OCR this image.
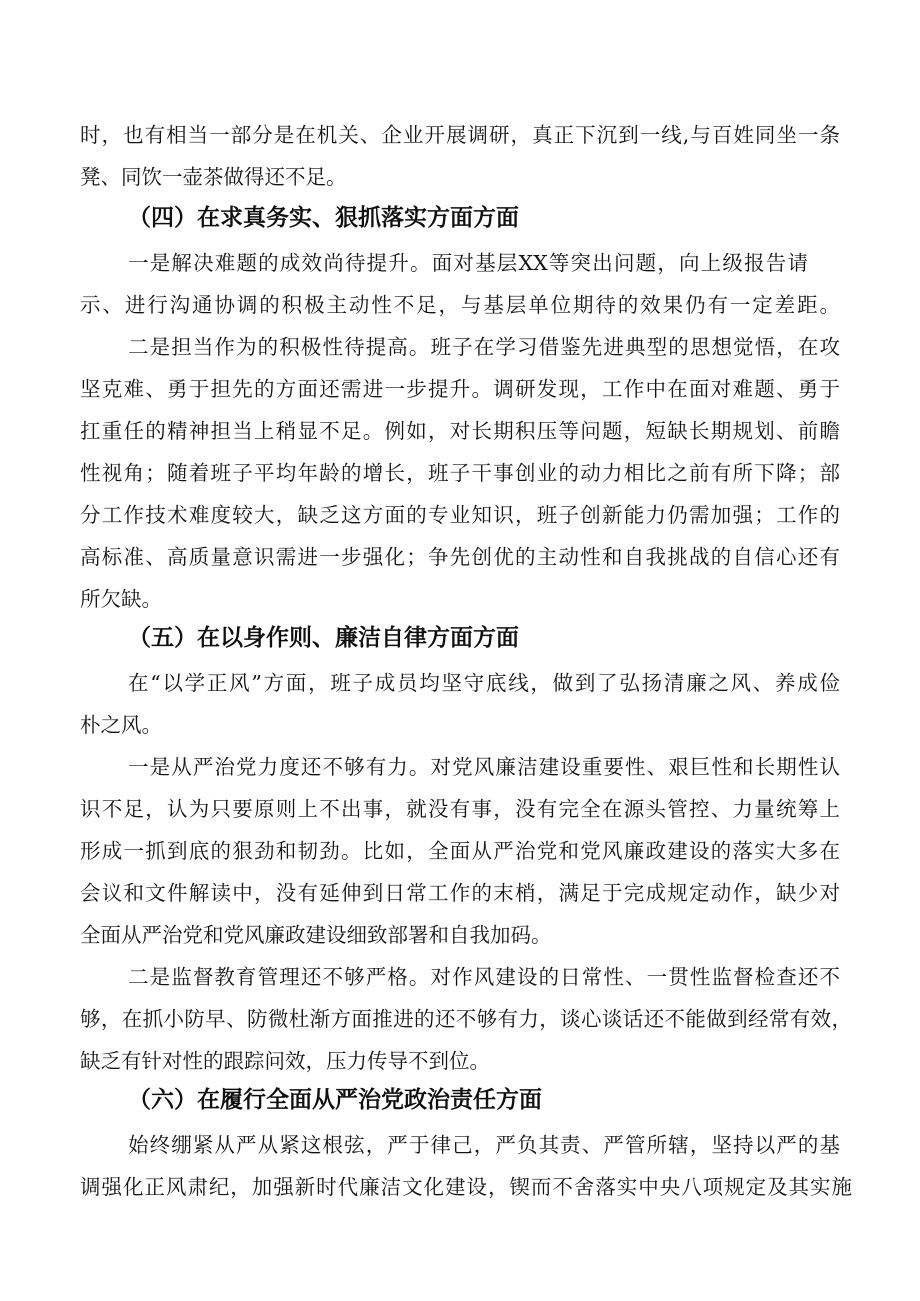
时，也有相当一部分是在机关、企业开展调研，真正下沉到一线,与百姓同坐一条
凳、同饮一壶茶做得还不足。
（四）在求真务实、狠抓落实方面方面
一是解决难题的成效尚待提升。面对基层XX等突出问题，向上级报告请
示、进行沟通协调的积极主动性不足，与基层单位期待的效果仍有一定差距。
二是担当作为的积极性待提高。班子在学习借鉴先进典型的思想觉悟，在攻
坚克难、勇于担先的方面还需进一步提升。调研发现，工作中在面对难题、勇于
扛重任的精神担当上稍显不足。例如，对长期积压等问题，短缺长期规划、前瞻
性视角；随着班子平均年龄的增长，班子干事创业的动力相比之前有所下降；部
分工作技术难度较大，缺乏这方面的专业知识，班子创新能力仍需加强；工作的
高标准、高质量意识需进一步强化；争先创优的主动性和自我挑战的自信心还有
所欠缺。
（五）在以身作则、廉洁自律方面方面
在“以学正风”方面，班子成员均坚守底线，做到了弘扬清廉之风、养成俭
朴之风。
一是从严治党力度还不够有力。对党风廉洁建设重要性、艰巨性和长期性认
识不足，认为只要原则上不出事，就没有事，没有完全在源头管控、力量统筹上
形成一抓到底的狠劲和韧劲。比如，全面从严治党和党风廉政建设的落实大多在
会议和文件解读中，没有延伸到日常工作的末梢，满足于完成规定动作，缺少对
全面从严治党和党风廉政建设细致部署和自我加码。
二是监督教育管理还不够严格。对作风建设的日常性、一贯性监督检查还不
够，在抓小防早、防微杜渐方面推进的还不够有力，谈心谈话还不能做到经常有效，
缺乏有针对性的跟踪问效，压力传导不到位。
（六）在履行全面从严治党政治责任方面
始终绷紧从严从紧这根弦，严于律己，严负其责、严管所辖，坚持以严的基
调强化正风肃纪，加强新时代廉洁文化建设，锲而不舍落实中央八项规定及其实施
